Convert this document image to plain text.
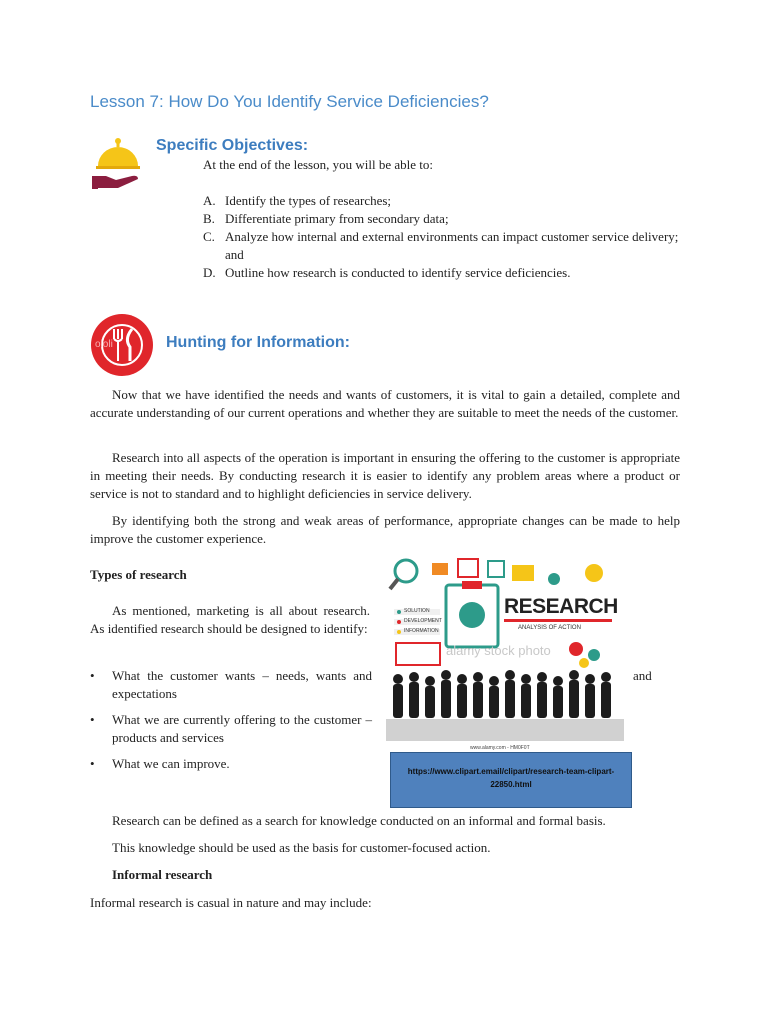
Lesson 7: How Do You Identify Service Deficiencies?
Specific Objectives:
At the end of the lesson, you will be able to:
A. Identify the types of researches;
B. Differentiate primary from secondary data;
C. Analyze how internal and external environments can impact customer service delivery; and
D. Outline how research is conducted to identify service deficiencies.
ololi	Hunting for Information:
Now that we have identified the needs and wants of customers, it is vital to gain a detailed, complete and accurate understanding of our current operations and whether they are suitable to meet the needs of the customer.
Research into all aspects of the operation is important in ensuring the offering to the customer is appropriate in meeting their needs. By conducting research it is easier to identify any problem areas where a product or service is not to standard and to highlight deficiencies in service delivery.
By identifying both the strong and weak areas of performance, appropriate changes can be made to help improve the customer experience.
Types of research
As mentioned, marketing is all about research. As identified research should be designed to identify:
• What the customer wants – needs, wants and expectations
• What we are currently offering to the customer – products and services
• What we can improve.
and
RESEARCH
ANALYSIS OF ACTION
SOLUTION
DEVELOPMENT
INFORMATION
alamy stock photo
www.alamy.com - HM0F0T
https://www.clipart.email/clipart/research-team-clipart-22850.html
Research can be defined as a search for knowledge conducted on an informal and formal basis.
This knowledge should be used as the basis for customer-focused action.
Informal research
Informal research is casual in nature and may include:
